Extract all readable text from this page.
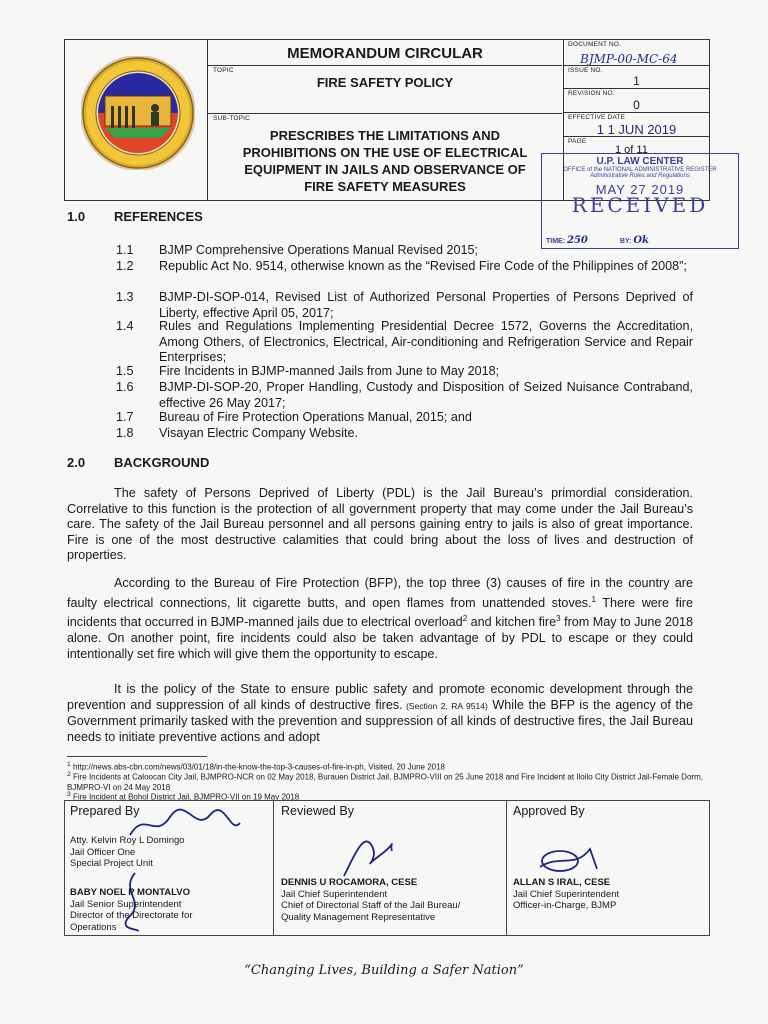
MEMORANDUM CIRCULAR
TOPIC
FIRE SAFETY POLICY
SUB-TOPIC
PRESCRIBES THE LIMITATIONS AND
PROHIBITIONS ON THE USE OF ELECTRICAL
EQUIPMENT IN JAILS AND OBSERVANCE OF
FIRE SAFETY MEASURES
DOCUMENT NO.
BJMP-00-MC-64
ISSUE NO.
1
REVISION NO.
0
EFFECTIVE DATE
1 1 JUN 2019
PAGE
1 of 11
U.P. LAW CENTER
OFFICE of the NATIONAL ADMINISTRATIVE REGISTER
Administrative Rules and Regulations
MAY 27 2019
RECEIVED
TIME: 250	BY: Ok
1.0 REFERENCES
1.1 BJMP Comprehensive Operations Manual Revised 2015;
1.2 Republic Act No. 9514, otherwise known as the “Revised Fire Code of the Philippines of 2008”;
1.3 BJMP-DI-SOP-014, Revised List of Authorized Personal Properties of Persons Deprived of Liberty, effective April 05, 2017;
1.4 Rules and Regulations Implementing Presidential Decree 1572, Governs the Accreditation, Among Others, of Electronics, Electrical, Air-conditioning and Refrigeration Service and Repair Enterprises;
1.5 Fire Incidents in BJMP-manned Jails from June to May 2018;
1.6 BJMP-DI-SOP-20, Proper Handling, Custody and Disposition of Seized Nuisance Contraband, effective 26 May 2017;
1.7 Bureau of Fire Protection Operations Manual, 2015; and
1.8 Visayan Electric Company Website.
2.0 BACKGROUND
The safety of Persons Deprived of Liberty (PDL) is the Jail Bureau’s primordial consideration. Correlative to this function is the protection of all government property that may come under the Jail Bureau’s care. The safety of the Jail Bureau personnel and all persons gaining entry to jails is also of great importance. Fire is one of the most destructive calamities that could bring about the loss of lives and destruction of properties.
According to the Bureau of Fire Protection (BFP), the top three (3) causes of fire in the country are faulty electrical connections, lit cigarette butts, and open flames from unattended stoves.$^1$ There were fire incidents that occurred in BJMP-manned jails due to electrical overload$^2$ and kitchen fire$^3$ from May to June 2018 alone. On another point, fire incidents could also be taken advantage of by PDL to escape or they could intentionally set fire which will give them the opportunity to escape.
It is the policy of the State to ensure public safety and promote economic development through the prevention and suppression of all kinds of destructive fires. (Section 2, RA 9514) While the BFP is the agency of the Government primarily tasked with the prevention and suppression of all kinds of destructive fires, the Jail Bureau needs to initiate preventive actions and adopt
$^1$ http://news.abs-cbn.com/news/03/01/18/in-the-know-the-top-3-causes-of-fire-in-ph, Visited, 20 June 2018
$^2$ Fire Incidents at Caloocan City Jail, BJMPRO-NCR on 02 May 2018, Burauen District Jail, BJMPRO-VIII on 25 June 2018 and Fire Incident at Iloilo City District Jail-Female Dorm, BJMPRO-VI on 24 May 2018
$^3$ Fire Incident at Bohol District Jail, BJMPRO-VII on 19 May 2018
Prepared By
Atty. Kelvin Roy L Domingo
Jail Officer One
Special Project Unit
BABY NOEL P MONTALVO
Jail Senior Superintendent
Director of the Directorate for
Operations
Reviewed By
DENNIS U ROCAMORA, CESE
Jail Chief Superintendent
Chief of Directorial Staff of the Jail Bureau/
Quality Management Representative
Approved By
ALLAN S IRAL, CESE
Jail Chief Superintendent
Officer-in-Charge, BJMP
“Changing Lives, Building a Safer Nation”
